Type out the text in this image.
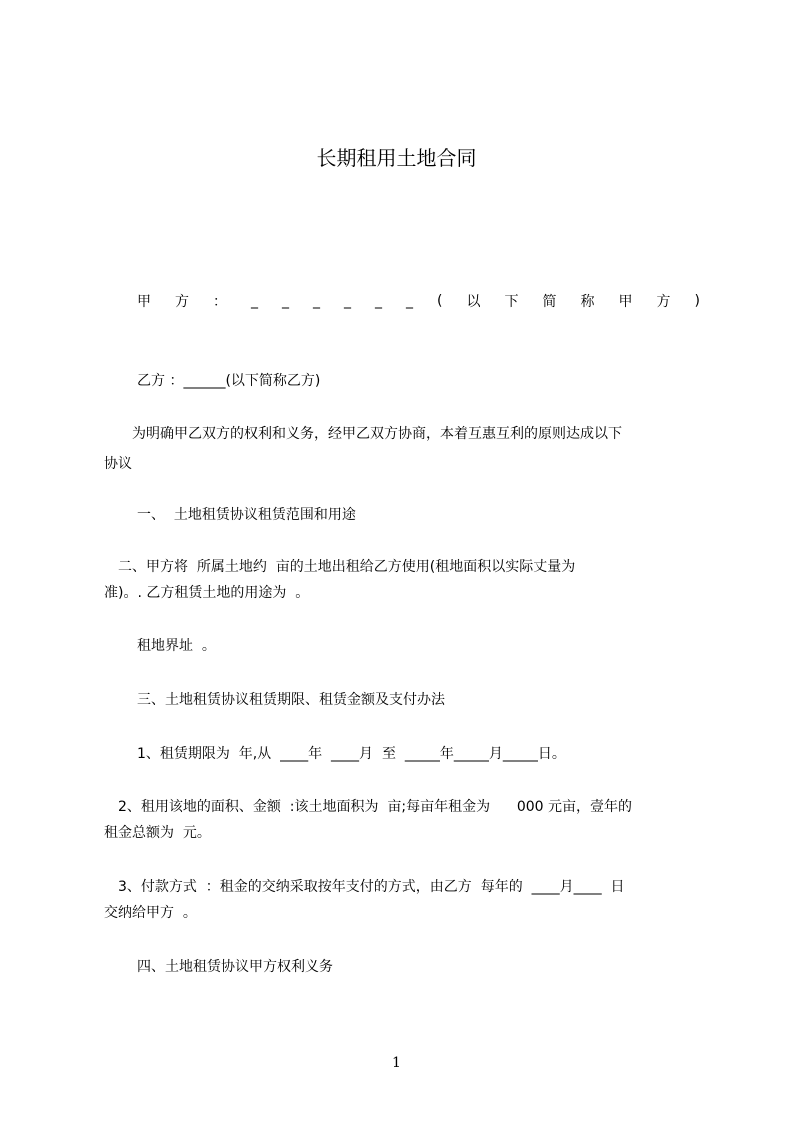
长期租用土地合同
甲 方 ： _ _ _ _ _ _ ( 以 下 简 称 甲 方 )
乙方 ：______(以下简称乙方)
　　为明确甲乙双方的权利和义务，经甲乙双方协商，本着互惠互利的原则达成以下
协议
一、  土地租赁协议租赁范围和用途
　二、甲方将  所属土地约  亩的土地出租给乙方使用(租地面积以实际丈量为
准)。. 乙方租赁土地的用途为  。
租地界址  。
三、土地租赁协议租赁期限、租赁金额及支付办法
1、租赁期限为  年,从  ____年  ____月  至  _____年_____月_____日。
　2、租用该地的面积、金额  :该土地面积为  亩;每亩年租金为      000 元亩，壹年的
租金总额为  元。
　3、付款方式  ：租金的交纳采取按年支付的方式，由乙方  每年的  ____月____  日
交纳给甲方  。
四、土地租赁协议甲方权利义务
1
